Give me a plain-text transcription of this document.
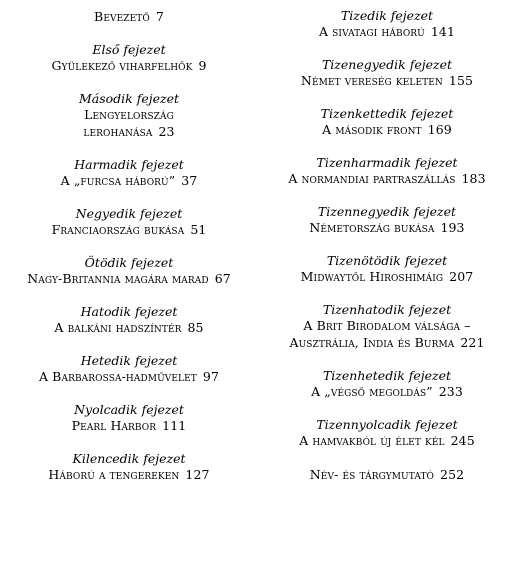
Bevezető 7
Első fejezet
Gyülekező viharfelhők 9
Második fejezet
Lengyelország
lerohanása 23
Harmadik fejezet
A „furcsa háború” 37
Negyedik fejezet
Franciaország bukása 51
Ötödik fejezet
Nagy-Britannia magára marad 67
Hatodik fejezet
A balkáni hadszíntér 85
Hetedik fejezet
A Barbarossa-hadművelet 97
Nyolcadik fejezet
Pearl Harbor 111
Kilencedik fejezet
Háború a tengereken 127
Tizedik fejezet
A sivatagi háború 141
Tizenegyedik fejezet
Német vereség keleten 155
Tizenkettedik fejezet
A második front 169
Tizenharmadik fejezet
A normandiai partraszállás 183
Tizennegyedik fejezet
Németország bukása 193
Tizenötödik fejezet
Midwaytől Hiroshimáig 207
Tizenhatodik fejezet
A Brit Birodalom válsága –
Ausztrália, India és Burma 221
Tizenhetedik fejezet
A „végső megoldás” 233
Tizennyolcadik fejezet
A hamvakból új élet kél 245
Név- és tárgymutató 252
